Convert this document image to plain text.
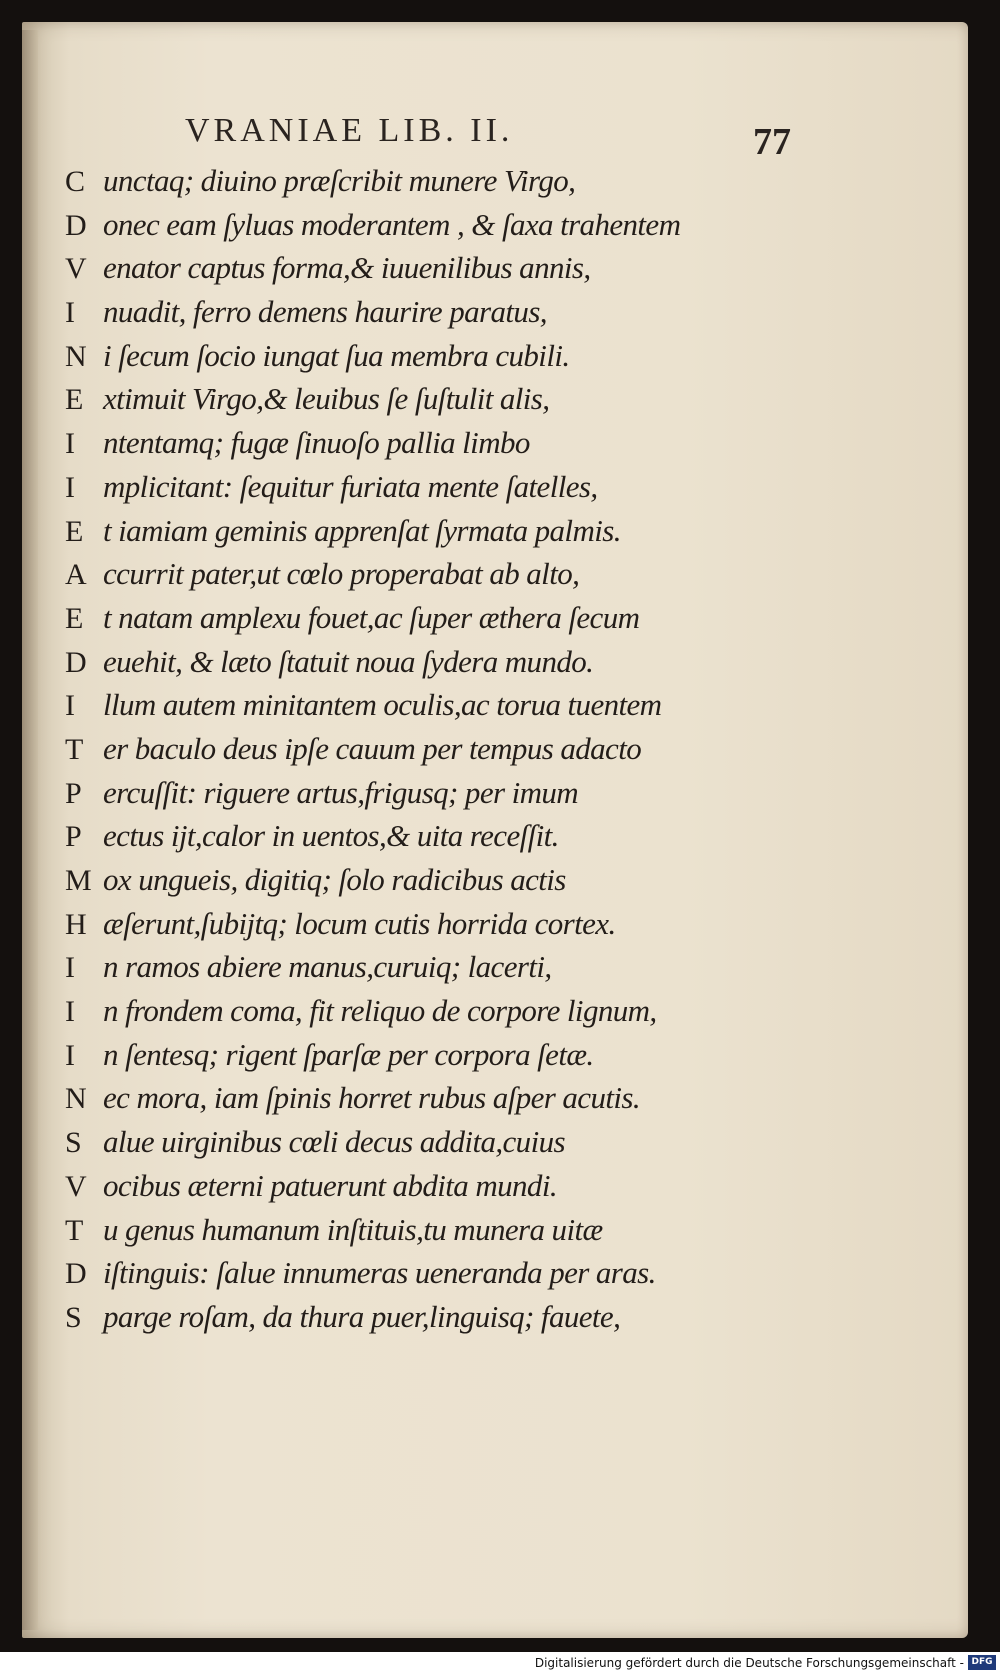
VRANIAE LIB. II.	77
C unctaq; diuino præſcribit munere Virgo,
D onec eam ſyluas moderantem , & ſaxa trahentem
V enator captus forma,& iuuenilibus annis,
I nuadit, ferro demens haurire paratus,
N i ſecum ſocio iungat ſua membra cubili.
E xtimuit Virgo,& leuibus ſe ſuſtulit alis,
I ntentamq; fugæ ſinuoſo pallia limbo
I mplicitant: ſequitur furiata mente ſatelles,
E t iamiam geminis apprenſat ſyrmata palmis.
A ccurrit pater,ut cœlo properabat ab alto,
E t natam amplexu fouet,ac ſuper æthera ſecum
D euehit, & læto ſtatuit noua ſydera mundo.
I llum autem minitantem oculis,ac torua tuentem
T er baculo deus ipſe cauum per tempus adacto
P ercuſſit: riguere artus,frigusq; per imum
P ectus ijt,calor in uentos,& uita receſſit.
M ox ungueis, digitiq; ſolo radicibus actis
H æſerunt,ſubijtq; locum cutis horrida cortex.
I n ramos abiere manus,curuiq; lacerti,
I n frondem coma, fit reliquo de corpore lignum,
I n ſentesq; rigent ſparſæ per corpora ſetæ.
N ec mora, iam ſpinis horret rubus aſper acutis.
S alue uirginibus cœli decus addita,cuius
V ocibus æterni patuerunt abdita mundi.
T u genus humanum inſtituis,tu munera uitæ
D iſtinguis: ſalue innumeras ueneranda per aras.
S parge roſam, da thura puer,linguisq; fauete,
Digitalisierung gefördert durch die Deutsche Forschungsgemeinschaft - DFG
